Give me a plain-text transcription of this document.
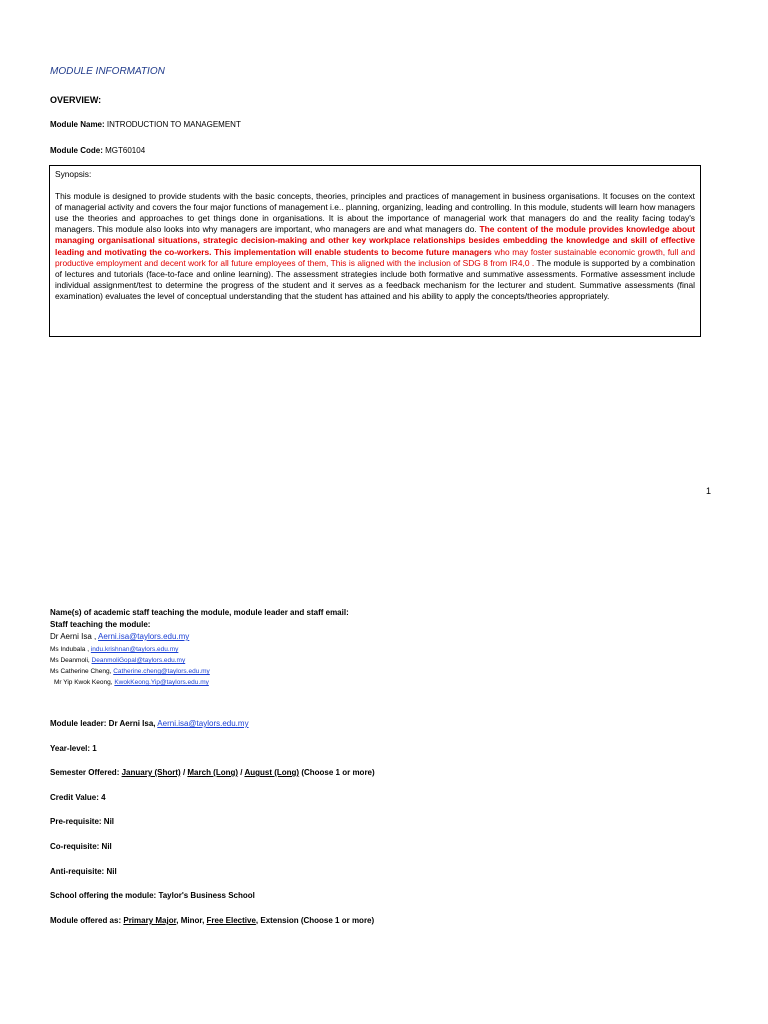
MODULE INFORMATION
OVERVIEW:
Module Name: INTRODUCTION TO MANAGEMENT
Module Code: MGT60104

Synopsis:

This module is designed to provide students with the basic concepts, theories, principles and practices of management in business organisations. It focuses on the context of managerial activity and covers the four major functions of management i.e.. planning, organizing, leading and controlling. In this module, students will learn how managers use the theories and approaches to get things done in organisations. It is about the importance of managerial work that managers do and the reality facing today's managers. This module also looks into why managers are important, who managers are and what managers do. The content of the module provides knowledge about managing organisational situations, strategic decision-making and other key workplace relationships besides embedding the knowledge and skill of effective leading and motivating the co-workers. This implementation will enable students to become future managers who may foster sustainable economic growth, full and productive employment and decent work for all future employees of them, This is aligned with the inclusion of SDG 8 from IR4,0 . The module is supported by a combination of lectures and tutorials (face-to-face and online learning). The assessment strategies include both formative and summative assessments. Formative assessment include individual assignment/test to determine the progress of the student and it serves as a feedback mechanism for the lecturer and student. Summative assessments (final examination) evaluates the level of conceptual understanding that the student has attained and his ability to apply the concepts/theories appropriately.

1
Name(s) of academic staff teaching the module, module leader and staff email:
Staff teaching the module:
Dr Aerni Isa , Aerni.isa@taylors.edu.my
Ms Indubala , indu.krishnan@taylors.edu.my
Ms Deanmoli, DeanmoliGopal@taylors.edu.my
Ms Catherine Cheng, Catherine.cheng@taylors.edu.my
Mr Yip Kwok Keong, KwokKeong.Yip@taylors.edu.my
Module leader: Dr Aerni Isa, Aerni.isa@taylors.edu.my
Year-level: 1
Semester Offered: January (Short) / March (Long) / August (Long) (Choose 1 or more)
Credit Value: 4
Pre-requisite: Nil
Co-requisite: Nil
Anti-requisite: Nil
School offering the module: Taylor's Business School
Module offered as: Primary Major, Minor, Free Elective, Extension (Choose 1 or more)
